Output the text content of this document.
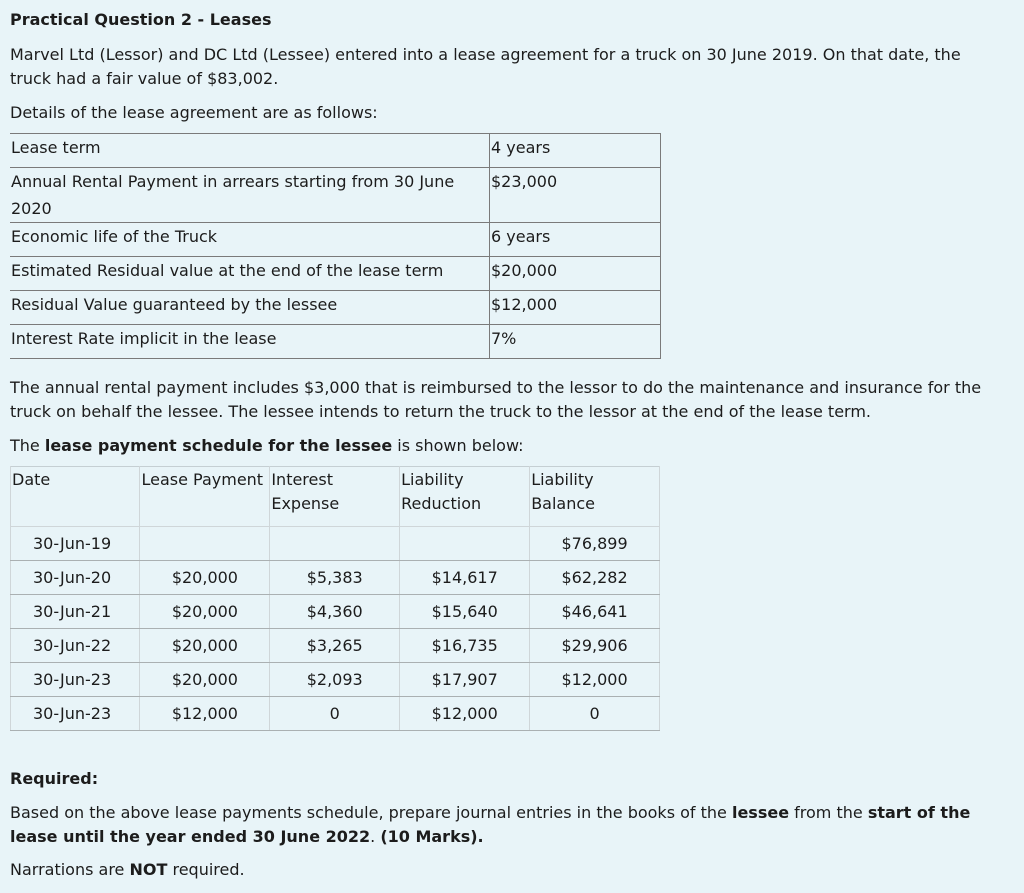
Practical Question 2 - Leases

Marvel Ltd (Lessor) and DC Ltd (Lessee) entered into a lease agreement for a truck on 30 June 2019. On that date, the truck had a fair value of $83,002.

Details of the lease agreement are as follows:

Lease term	4 years
Annual Rental Payment in arrears starting from 30 June 2020	$23,000
Economic life of the Truck	6 years
Estimated Residual value at the end of the lease term	$20,000
Residual Value guaranteed by the lessee	$12,000
Interest Rate implicit in the lease	7%

The annual rental payment includes $3,000 that is reimbursed to the lessor to do the maintenance and insurance for the truck on behalf the lessee. The lessee intends to return the truck to the lessor at the end of the lease term.

The lease payment schedule for the lessee is shown below:

Date	Lease Payment	Interest Expense	Liability Reduction	Liability Balance
30-Jun-19				$76,899
30-Jun-20	$20,000	$5,383	$14,617	$62,282
30-Jun-21	$20,000	$4,360	$15,640	$46,641
30-Jun-22	$20,000	$3,265	$16,735	$29,906
30-Jun-23	$20,000	$2,093	$17,907	$12,000
30-Jun-23	$12,000	0	$12,000	0

Required:

Based on the above lease payments schedule, prepare journal entries in the books of the lessee from the start of the lease until the year ended 30 June 2022. (10 Marks).

Narrations are NOT required.
